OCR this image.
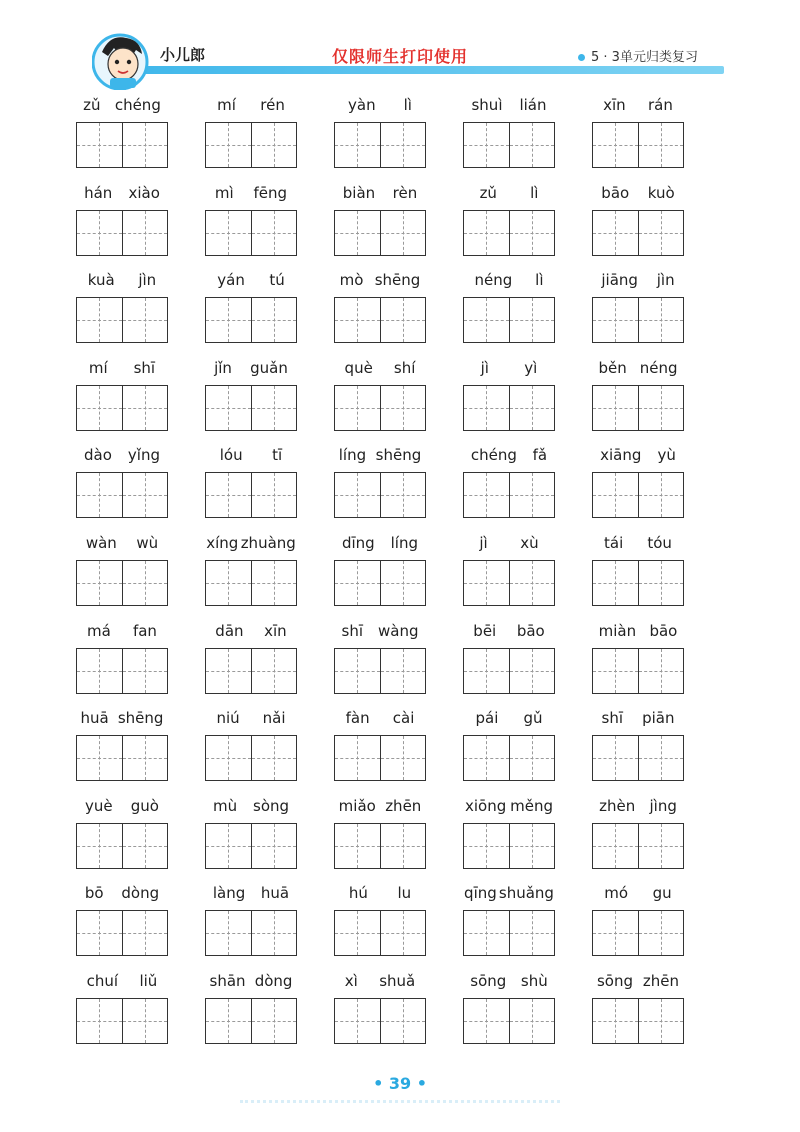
小儿郎	仅限师生打印使用	5 · 3单元归类复习
zǔ chéng	mí rén	yàn lì	shuì lián	xīn rán
hán xiào	mì fēng	biàn rèn	zǔ lì	bāo kuò
kuà jìn	yán tú	mò shēng	néng lì	jiāng jìn
mí shī	jǐn guǎn	què shí	jì yì	běn néng
dào yǐng	lóu tī	líng shēng	chéng fǎ	xiāng yù
wàn wù	xíng zhuàng	dīng líng	jì xù	tái tóu
má fan	dān xīn	shī wàng	bēi bāo	miàn bāo
huā shēng	niú nǎi	fàn cài	pái gǔ	shī piān
yuè guò	mù sòng	miǎo zhēn	xiōng měng	zhèn jìng
bō dòng	làng huā	hú lu	qīng shuǎng	mó gu
chuí liǔ	shān dòng	xì shuǎ	sōng shù	sōng zhēn
• 39 •
